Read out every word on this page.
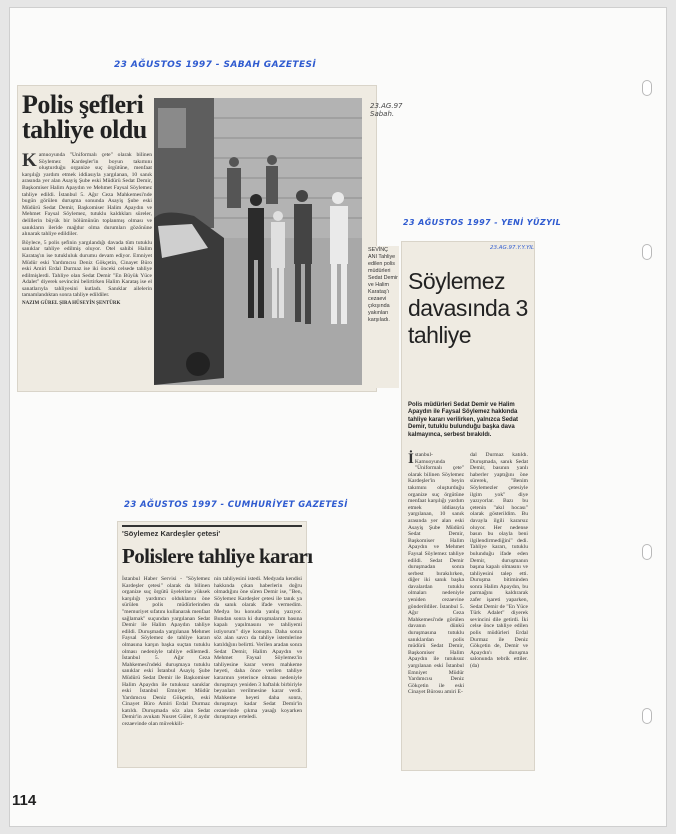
23 AĞUSTOS 1997 - SABAH GAZETESİ
23 AĞUSTOS 1997 - YENİ YÜZYIL
23 AĞUSTOS 1997 - CUMHURİYET GAZETESİ
Polis şefleri tahliye oldu

Kamuoyunda "Uniformalı çete" olarak bilinen Söylemez Kardeşler'in boyun takımını oluşturduğu organize suç örgütüne, menfaat karşılığı yardım etmek iddiasıyla yargılanan, 10 sanık arasında yer alan Asayiş Şube eski Müdürü Sedat Demir, Başkomiser Halim Apaydın ve Mehmet Faysal Söylemez tahliye edildi. İstanbul 5. Ağır Ceza Mahkemesi'nde bugün görülen duruşma sonunda Asayiş Şube eski Müdürü Sedat Demir, Başkomiser Halim Apaydın ve Mehmet Faysal Söylemez, tutuklu kaldıkları süreler, delillerin büyük bir bölümünün toplanmış olması ve sanıkların ileride mağdur olma durumları gözönüne alınarak tahliye edildiler.

Böylece, 5 polis şefinin yargılandığı davada tüm tutuklu sanıklar tahliye edilmiş oluyor. Otel sahibi Halim Karataş'ın ise tutukluluk durumu devam ediyor. Emniyet Müdür eski Yardımcısı Deniz Gökçetin, Cinayet Büro eski Amiri Erdal Durmaz ise iki önceki celsede tahliye edilmişlerdi. Tahliye olan Sedat Demir "En Büyük Yüce Adalet" diyerek sevincini belirtirken Halim Karataş ise el sanatlarıyla tahliyesini kutladı. Sanıklar ailelerin tamamlandıktan sonra tahliye edildiler.

NAZIM GÜREL ŞIRA HÜSEYİN ŞENTÜRK

23.AG.97
Sabah.
SEVİNÇ ANI Tahliye edilen polis müdürleri Sedat Demir ve Halim Karataş'ı cezaevi çıkışında yakınları karşıladı.
23.AG.97.Y.Y.YIL
Söylemez davasında 3 tahliye
Polis müdürleri Sedat Demir ve Halim Apaydın ile Faysal Söylemez hakkında tahliye kararı verilirken, yalnızca Sedat Demir, tutuklu bulunduğu başka dava kalmayınca, serbest bırakıldı.

İstanbul- Kamuoyunda "Üniformalı çete" olarak bilinen Söylemez Kardeşler'in beyin takımını oluşturduğu organize suç örgütüne menfaat karşılığı yardım etmek iddiasıyla yargılanan, 10 sanık arasında yer alan eski Asayiş Şube Müdürü Sedat Demir, Başkomiser Halim Apaydın ve Mehmet Faysal Söylemez tahliye edildi. Sedat Demir duruşmadan sonra serbest bırakılırken, diğer iki sanık başka davalardan tutuklu olmaları nedeniyle yeniden cezaevine gönderildiler. İstanbul 5. Ağır Ceza Mahkemesi'nde görülen davanın dünkü duruşmasına tutuklu sanıklardan polis müdürü Sedat Demir, Başkomiser Halim Apaydın ile tutuksuz yargılanan eski İstanbul Emniyet Müdür Yardımcısı Deniz Gökçetin ile eski Cinayet Bürosu amiri E-

dal Durmaz katıldı. Duruşmada, sanık Sedat Demir, basının yanlı haberler yaptığını öne sürerek, "Benim Söylemezler çetesiyle ilgim yok" diye yazıyorlar. Bazı bu çetenin "akıl hocası" olarak gösterildim. Bu davayla ilgili kararsız oluyor. Her nedense basın bu olayla beni ilgilendirmediğini" dedi. Tahliye kararı, tutuklu bulunduğu ifade eden Demir, duruşmanın başına kapalı olmasını ve tahliyesini talep etti. Duruşma bitiminden sonra Halim Apaydın, bu parmağını kaldırarak zafer işareti yaparken, Sedat Demir de "En Yüce Türk Adalet" diyerek sevincini dile getirdi. İki celse önce tahliye edilen polis müdürleri Erdal Durmaz ile Deniz Gökçetin de, Demir ve Apaydın'ı duruşma salonunda tebrik ettiler. (da)

'Söylemez Kardeşler çetesi'
Polislere tahliye kararı

İstanbul Haber Servisi - "Söylemez Kardeşler çetesi" olarak da bilinen organize suç örgütü üyelerine yüksek karşılığı yardımcı olduklarını öne sürülen polis müdürlerinden "memuriyet sıfatını kullanarak menfaat sağlamak" suçundan yargılanan Sedat Demir ile Halim Apaydın tahliye edildi. Duruşmada yargılanan Mehmet Faysal Söylemez de tahliye kararı olmasına karşın başka suçtan tutuklu olması nedeniyle tahliye edilemedi. İstanbul 5. Ağır Ceza Mahkemesi'ndeki duruşmaya tutuklu sanıklar eski İstanbul Asayiş Şube Müdürü Sedat Demir ile Başkomiser Halim Apaydın ile tutuksuz sanıklar eski İstanbul Emniyet Müdür Yardımcısı Deniz Gökçetin, eski Cinayet Büro Amiri Erdal Durmaz katıldı. Duruşmada söz alan Sedat Demir'in avukatı Nusret Güler, 8 aydır cezaevinde olan müvekkili-

nin tahliyesini istedi. Medyada kendisi hakkında çıkan haberlerin doğru olmadığını öne süren Demir ise, "Ben, Söylemez Kardeşler çetesi ile tanık ya da sanık olarak ifade vermedim. Medya bu konuda yanlış yazıyor. Bundan sonra ki duruşmalarım basına kapalı yapılmasını ve tahliyemi istiyorum" diye konuştu. Daha sonra söz alan savcı da tahliye istemlerine katıldığını belirtti. Verilen aradan sonra Sedat Demir, Halim Apaydın ve Mehmet Faysal Söylemez'in tahliyesine karar veren mahkeme heyeti, daha önce verilen tahliye kararının yeterince olması nedeniyle duruşmayı yeniden 3 haftalık birbiriyle beyanları verilmesine karar verdi. Mahkeme heyeti daha sonra, duruşmayı kadar Sedat Demir'in cezaevinde çıkma yasağı koyarken duruşmayı erteledi.

114
